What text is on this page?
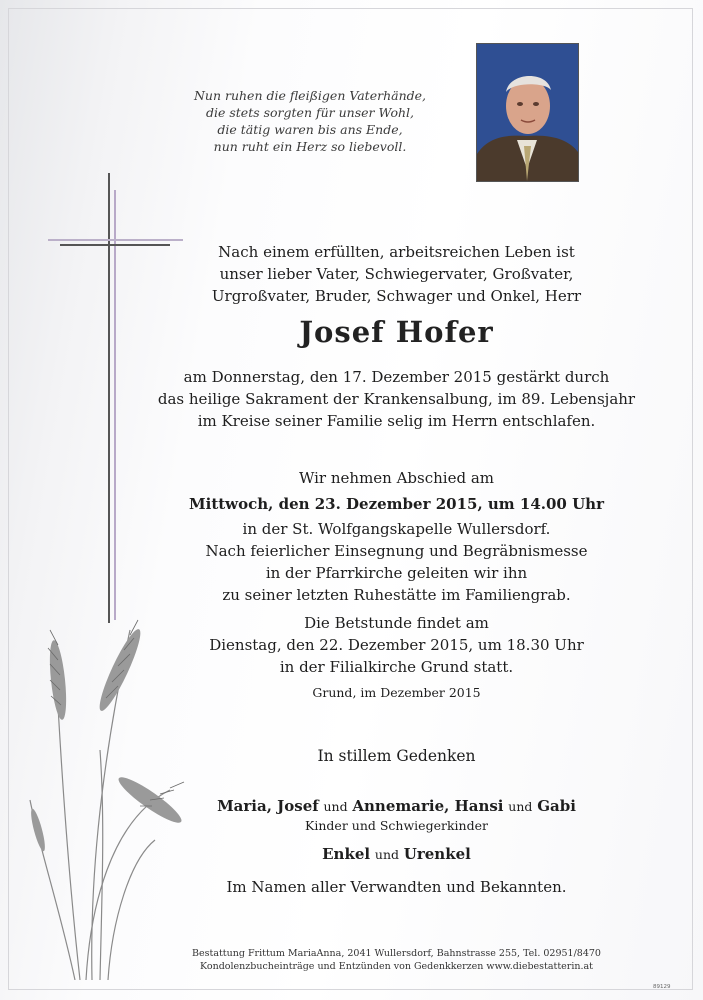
Nun ruhen die fleißigen Vaterhände,
die stets sorgten für unser Wohl,
die tätig waren bis ans Ende,
nun ruht ein Herz so liebevoll.
Nach einem erfüllten, arbeitsreichen Leben ist
unser lieber Vater, Schwiegervater, Großvater,
Urgroßvater, Bruder, Schwager und Onkel, Herr
Josef Hofer
am Donnerstag, den 17. Dezember 2015 gestärkt durch
das heilige Sakrament der Krankensalbung, im 89. Lebensjahr
im Kreise seiner Familie selig im Herrn entschlafen.
Wir nehmen Abschied am
Mittwoch, den 23. Dezember 2015, um 14.00 Uhr
in der St. Wolfgangskapelle Wullersdorf.
Nach feierlicher Einsegnung und Begräbnismesse
in der Pfarrkirche geleiten wir ihn
zu seiner letzten Ruhestätte im Familiengrab.
Die Betstunde findet am
Dienstag, den 22. Dezember 2015, um 18.30 Uhr
in der Filialkirche Grund statt.
Grund, im Dezember 2015
In stillem Gedenken
Maria, Josef und Annemarie, Hansi und Gabi
Kinder und Schwiegerkinder
Enkel und Urenkel
Im Namen aller Verwandten und Bekannten.
Bestattung Frittum MariaAnna, 2041 Wullersdorf, Bahnstrasse 255, Tel. 02951/8470
Kondolenzbucheinträge und Entzünden von Gedenkkerzen www.diebestatterin.at
89129
